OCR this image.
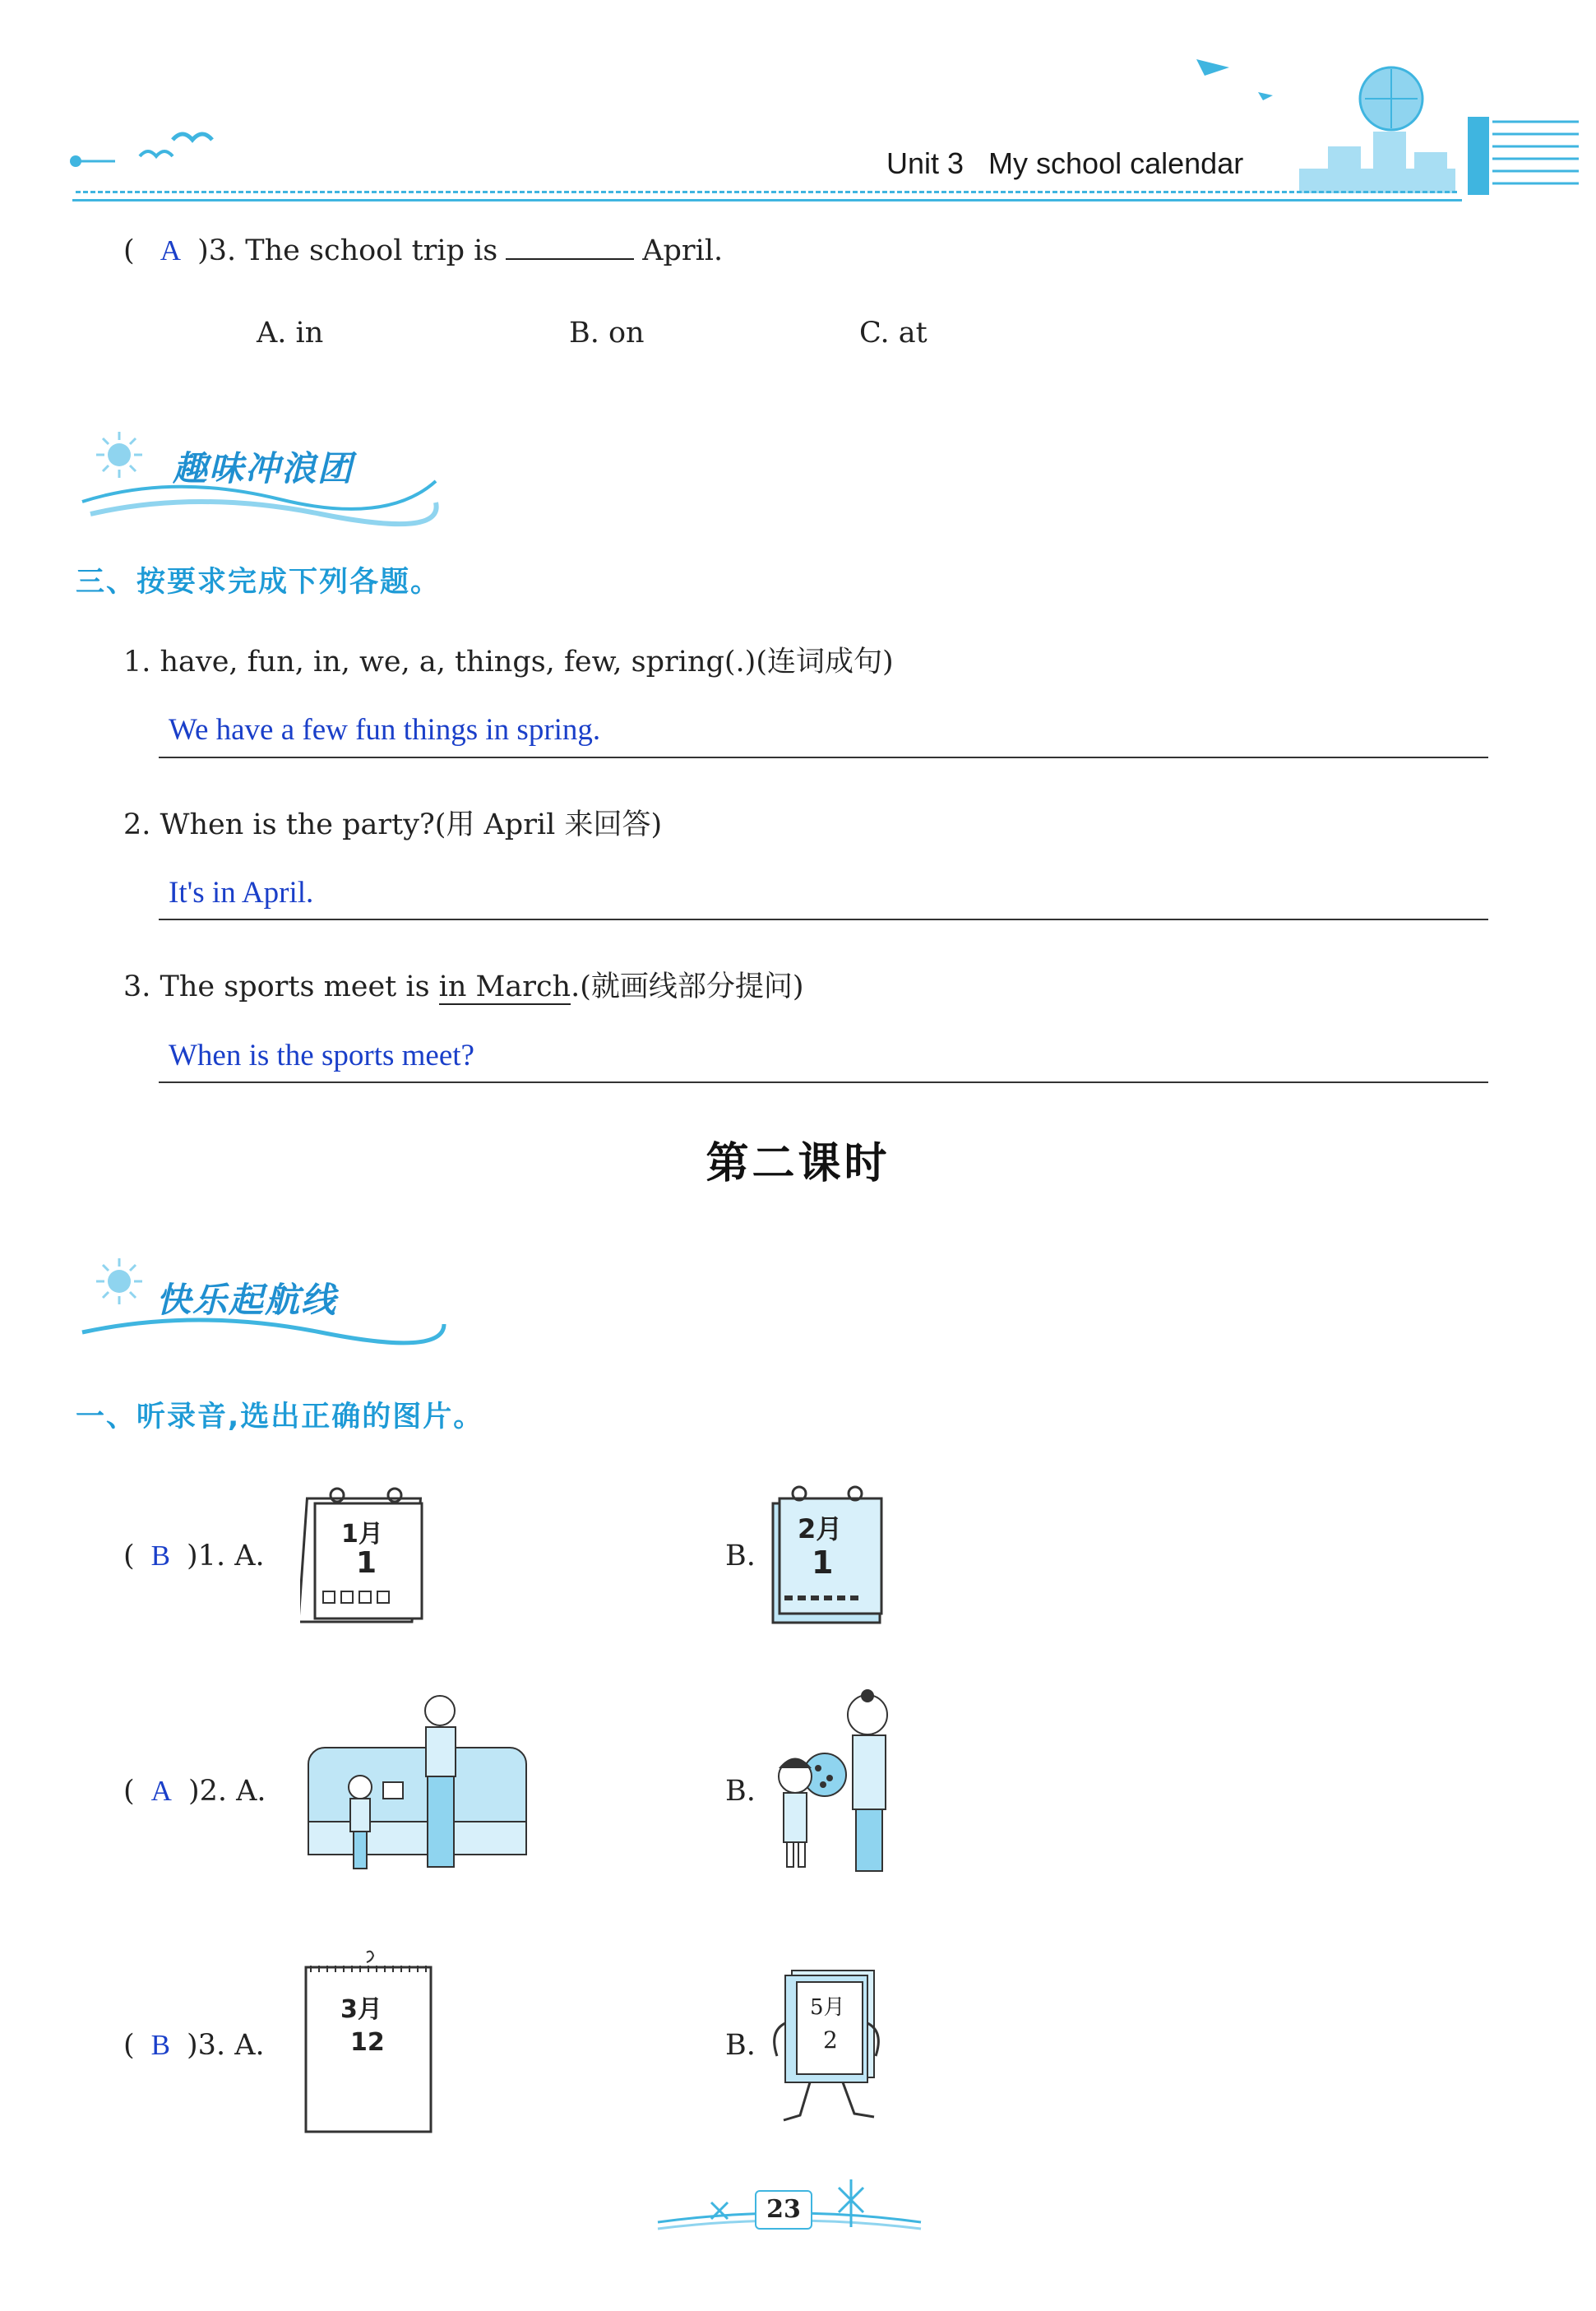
Unit 3   My school calendar
( A )3. The school trip is	April.
A. in	B. on	C. at
趣味冲浪团
三、按要求完成下列各题。
1. have, fun, in, we, a, things, few, spring(.)(连词成句)
We have a few fun things in spring.
2. When is the party?(用 April 来回答)
It's in April.
3. The sports meet is in March.(就画线部分提问)
When is the sports meet?
第二课时
快乐起航线
一、听录音,选出正确的图片。
( B )1. A.
1月
1	B.
2月
1
( A )2. A.	B.
( B )3. A.
3月
12	B.
5月
2
23
